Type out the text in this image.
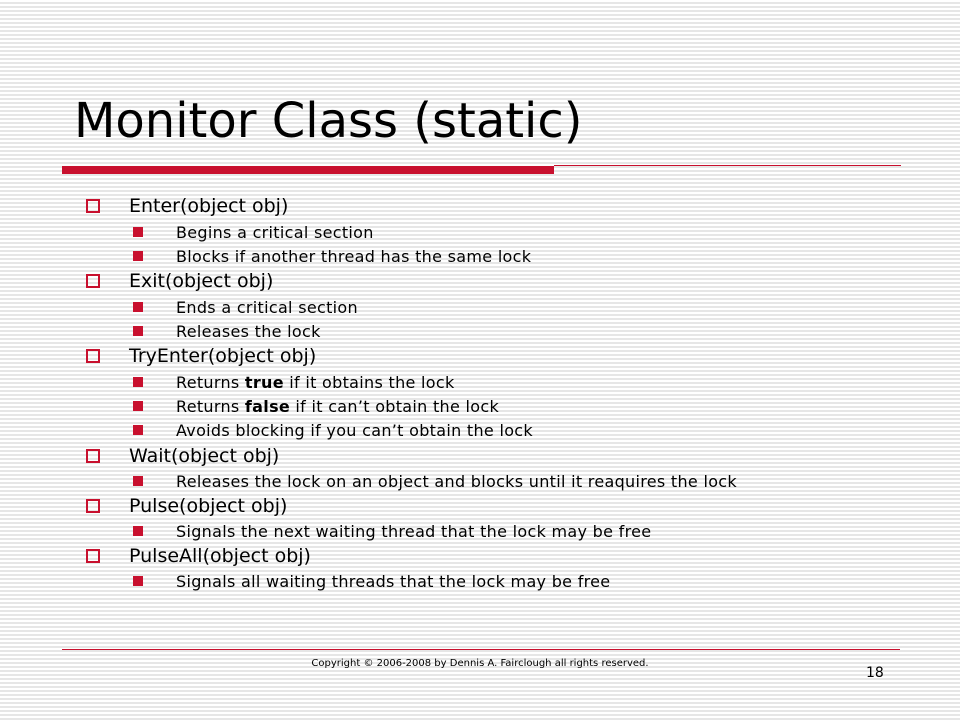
Monitor Class (static)
Enter(object obj)
Begins a critical section
Blocks if another thread has the same lock
Exit(object obj)
Ends a critical section
Releases the lock
TryEnter(object obj)
Returns true if it obtains the lock
Returns false if it can’t obtain the lock
Avoids blocking if you can’t obtain the lock
Wait(object obj)
Releases the lock on an object and blocks until it reaquires the lock
Pulse(object obj)
Signals the next waiting thread that the lock may be free
PulseAll(object obj)
Signals all waiting threads that the lock may be free
Copyright © 2006-2008 by Dennis A. Fairclough all rights reserved.
18
